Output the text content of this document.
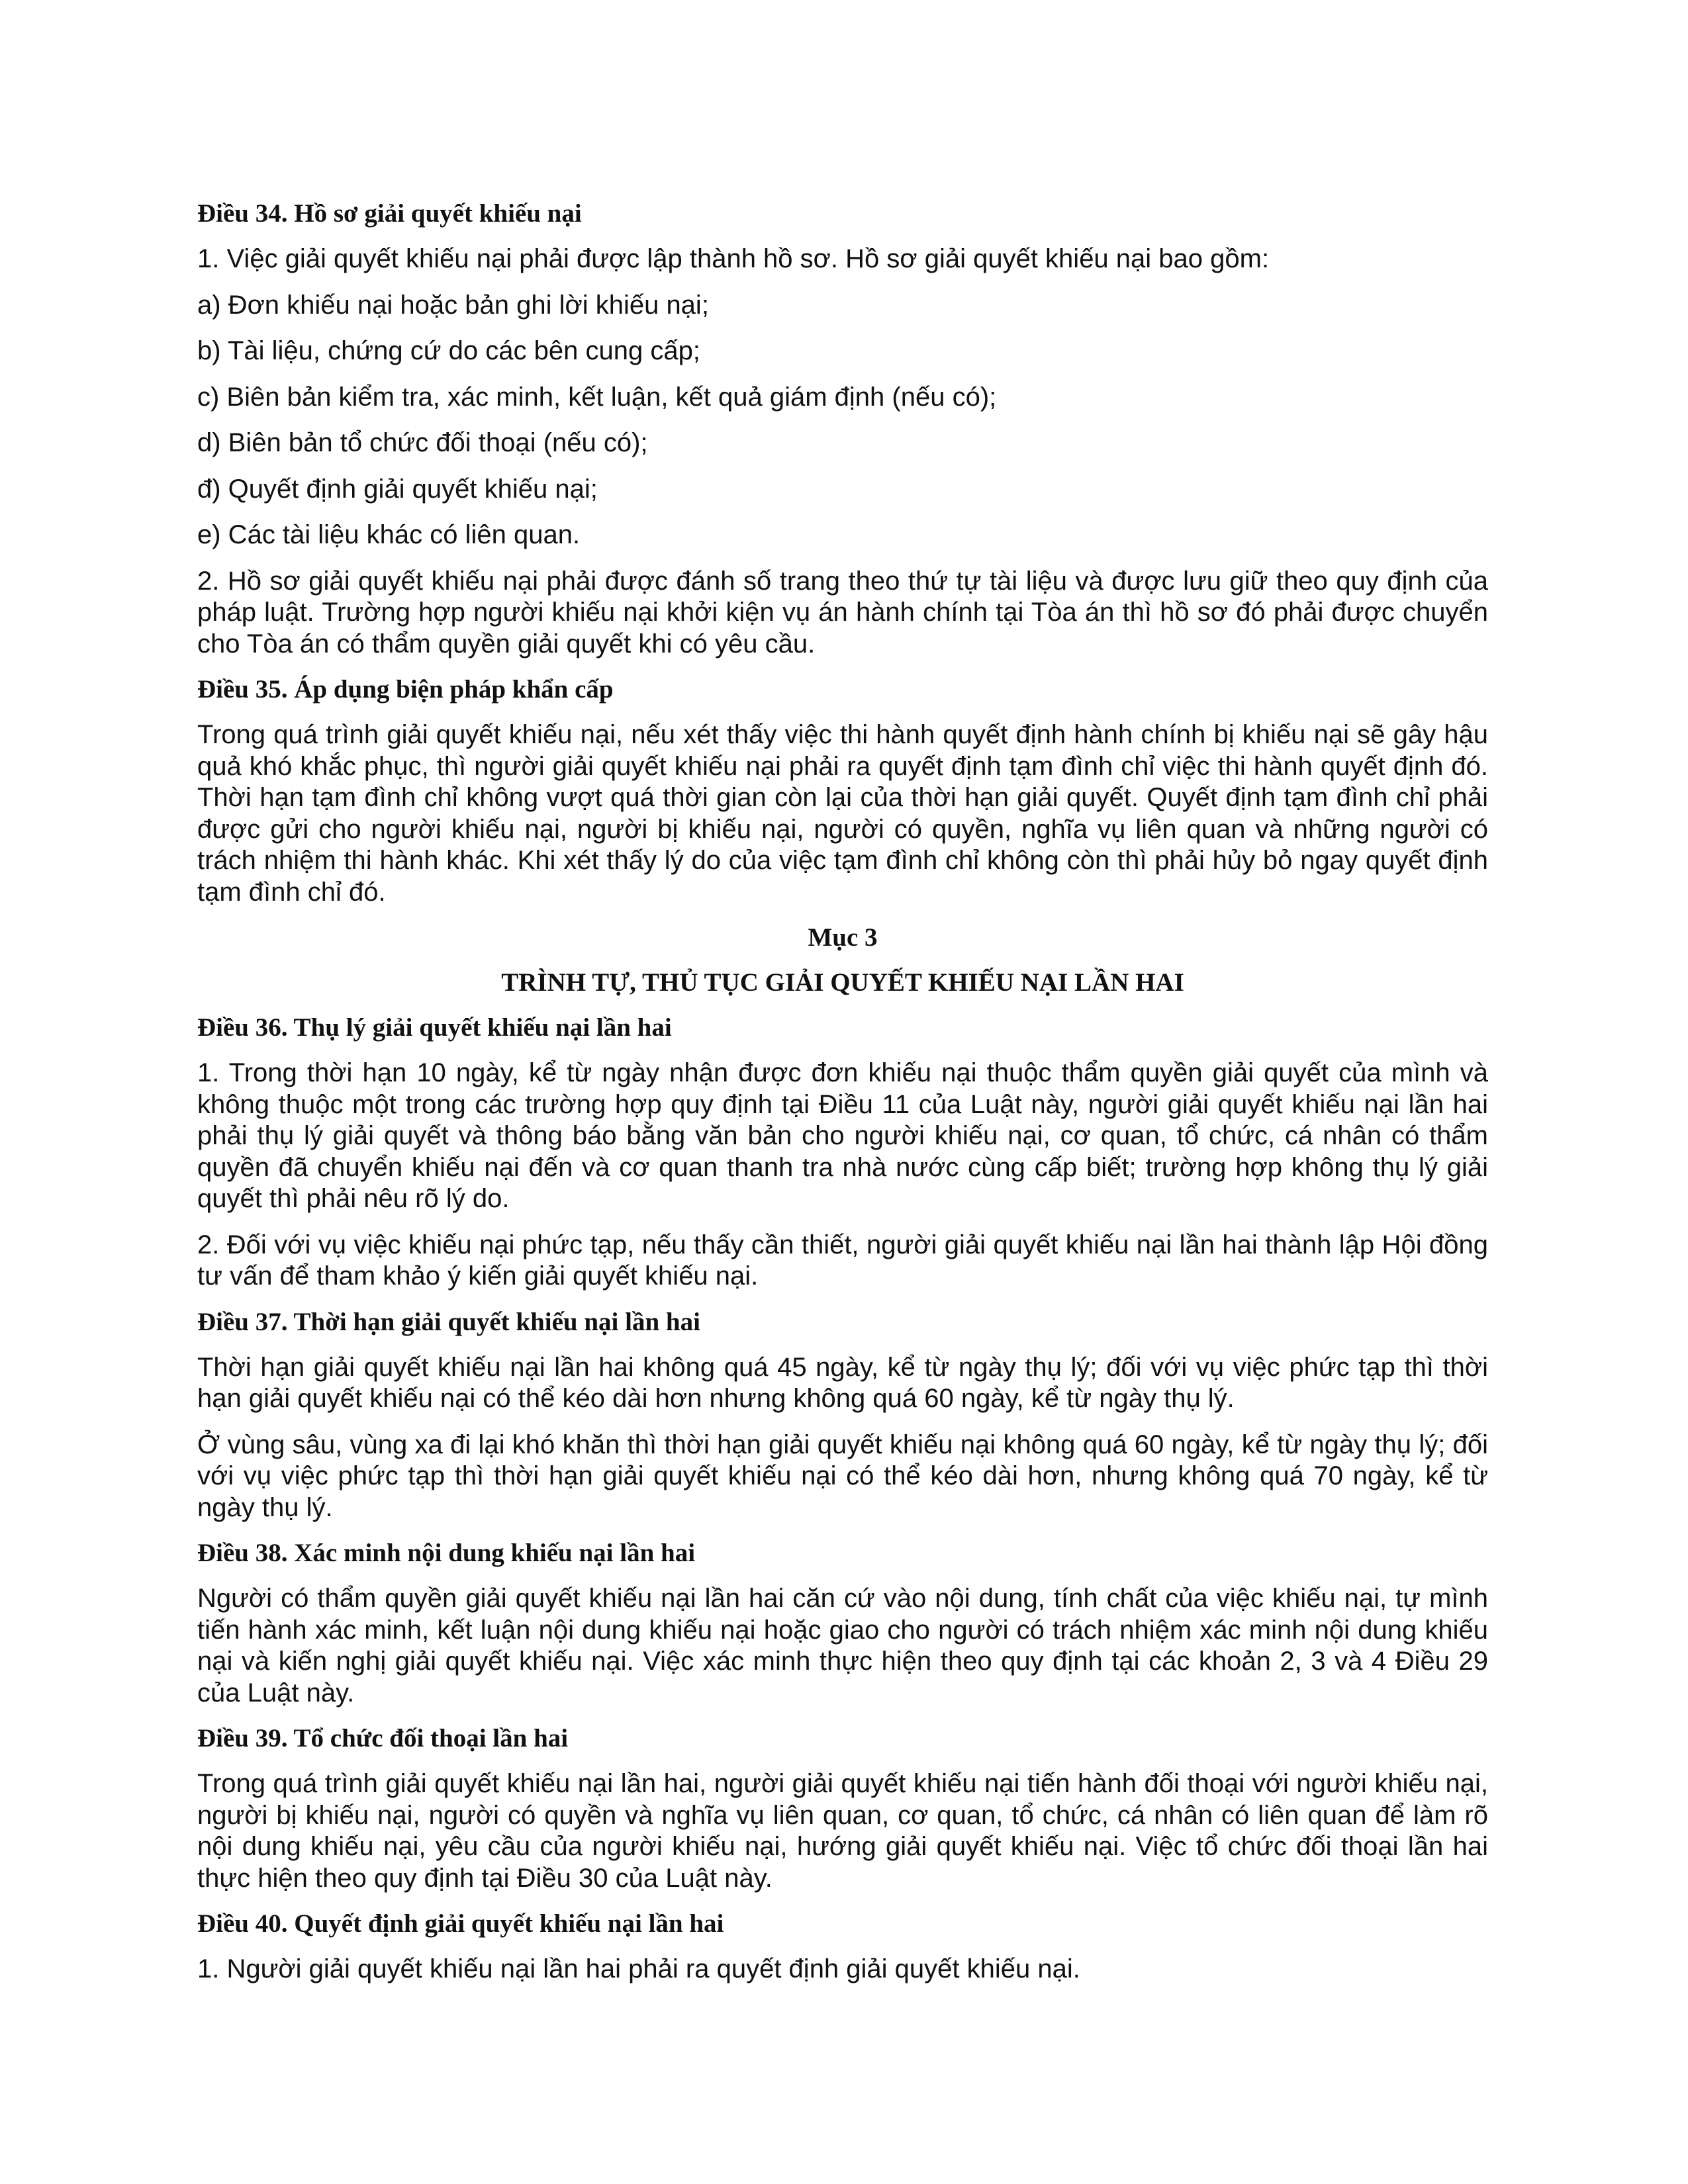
Điều 34. Hồ sơ giải quyết khiếu nại
1. Việc giải quyết khiếu nại phải được lập thành hồ sơ. Hồ sơ giải quyết khiếu nại bao gồm:
a) Đơn khiếu nại hoặc bản ghi lời khiếu nại;
b) Tài liệu, chứng cứ do các bên cung cấp;
c) Biên bản kiểm tra, xác minh, kết luận, kết quả giám định (nếu có);
d) Biên bản tổ chức đối thoại (nếu có);
đ) Quyết định giải quyết khiếu nại;
e) Các tài liệu khác có liên quan.
2. Hồ sơ giải quyết khiếu nại phải được đánh số trang theo thứ tự tài liệu và được lưu giữ theo quy định của pháp luật. Trường hợp người khiếu nại khởi kiện vụ án hành chính tại Tòa án thì hồ sơ đó phải được chuyển cho Tòa án có thẩm quyền giải quyết khi có yêu cầu.
Điều 35. Áp dụng biện pháp khẩn cấp
Trong quá trình giải quyết khiếu nại, nếu xét thấy việc thi hành quyết định hành chính bị khiếu nại sẽ gây hậu quả khó khắc phục, thì người giải quyết khiếu nại phải ra quyết định tạm đình chỉ việc thi hành quyết định đó. Thời hạn tạm đình chỉ không vượt quá thời gian còn lại của thời hạn giải quyết. Quyết định tạm đình chỉ phải được gửi cho người khiếu nại, người bị khiếu nại, người có quyền, nghĩa vụ liên quan và những người có trách nhiệm thi hành khác. Khi xét thấy lý do của việc tạm đình chỉ không còn thì phải hủy bỏ ngay quyết định tạm đình chỉ đó.
Mục 3
TRÌNH TỰ, THỦ TỤC GIẢI QUYẾT KHIẾU NẠI LẦN HAI
Điều 36. Thụ lý giải quyết khiếu nại lần hai
1. Trong thời hạn 10 ngày, kể từ ngày nhận được đơn khiếu nại thuộc thẩm quyền giải quyết của mình và không thuộc một trong các trường hợp quy định tại Điều 11 của Luật này, người giải quyết khiếu nại lần hai phải thụ lý giải quyết và thông báo bằng văn bản cho người khiếu nại, cơ quan, tổ chức, cá nhân có thẩm quyền đã chuyển khiếu nại đến và cơ quan thanh tra nhà nước cùng cấp biết; trường hợp không thụ lý giải quyết thì phải nêu rõ lý do.
2. Đối với vụ việc khiếu nại phức tạp, nếu thấy cần thiết, người giải quyết khiếu nại lần hai thành lập Hội đồng tư vấn để tham khảo ý kiến giải quyết khiếu nại.
Điều 37. Thời hạn giải quyết khiếu nại lần hai
Thời hạn giải quyết khiếu nại lần hai không quá 45 ngày, kể từ ngày thụ lý; đối với vụ việc phức tạp thì thời hạn giải quyết khiếu nại có thể kéo dài hơn nhưng không quá 60 ngày, kể từ ngày thụ lý.
Ở vùng sâu, vùng xa đi lại khó khăn thì thời hạn giải quyết khiếu nại không quá 60 ngày, kể từ ngày thụ lý; đối với vụ việc phức tạp thì thời hạn giải quyết khiếu nại có thể kéo dài hơn, nhưng không quá 70 ngày, kể từ ngày thụ lý.
Điều 38. Xác minh nội dung khiếu nại lần hai
Người có thẩm quyền giải quyết khiếu nại lần hai căn cứ vào nội dung, tính chất của việc khiếu nại, tự mình tiến hành xác minh, kết luận nội dung khiếu nại hoặc giao cho người có trách nhiệm xác minh nội dung khiếu nại và kiến nghị giải quyết khiếu nại. Việc xác minh thực hiện theo quy định tại các khoản 2, 3 và 4 Điều 29 của Luật này.
Điều 39. Tổ chức đối thoại lần hai
Trong quá trình giải quyết khiếu nại lần hai, người giải quyết khiếu nại tiến hành đối thoại với người khiếu nại, người bị khiếu nại, người có quyền và nghĩa vụ liên quan, cơ quan, tổ chức, cá nhân có liên quan để làm rõ nội dung khiếu nại, yêu cầu của người khiếu nại, hướng giải quyết khiếu nại. Việc tổ chức đối thoại lần hai thực hiện theo quy định tại Điều 30 của Luật này.
Điều 40. Quyết định giải quyết khiếu nại lần hai
1. Người giải quyết khiếu nại lần hai phải ra quyết định giải quyết khiếu nại.
